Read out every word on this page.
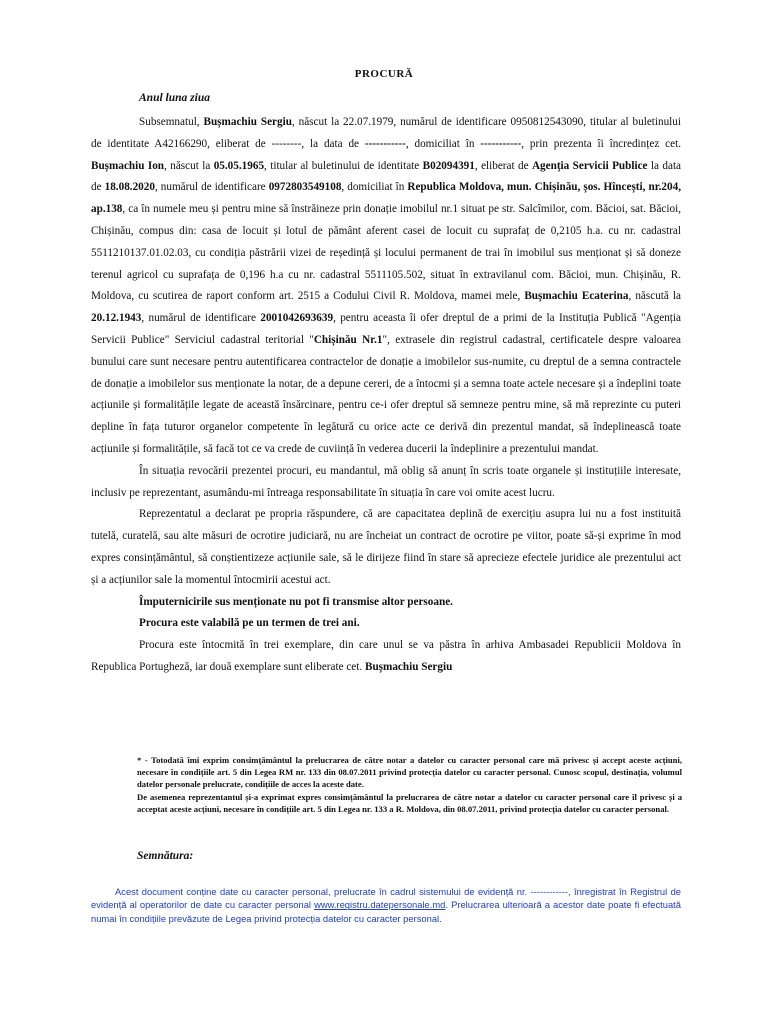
PROCURĂ
Anul luna ziua

Subsemnatul, Bușmachiu Sergiu, născut la 22.07.1979, numărul de identificare 0950812543090, titular al buletinului de identitate A42166290, eliberat de --------, la data de -----------, domiciliat în -----------, prin prezenta îi încredințez cet. Bușmachiu Ion, născut la 05.05.1965, titular al buletinului de identitate B02094391, eliberat de Agenția Servicii Publice la data de 18.08.2020, numărul de identificare 0972803549108, domiciliat în Republica Moldova, mun. Chișinău, șos. Hîncești, nr.204, ap.138, ca în numele meu și pentru mine să înstrăineze prin donație imobilul nr.1 situat pe str. Salcîmilor, com. Băcioi, sat. Băcioi, Chișinău, compus din: casa de locuit și lotul de pământ aferent casei de locuit cu suprafaț de 0,2105 h.a. cu nr. cadastral 5511210137.01.02.03, cu condiția păstrării vizei de reședință și locului permanent de trai în imobilul sus menționat și să doneze terenul agricol cu suprafața de 0,196 h.a cu nr. cadastral 5511105.502, situat în extravilanul com. Băcioi, mun. Chișinău, R. Moldova, cu scutirea de raport conform art. 2515 a Codului Civil R. Moldova, mamei mele, Bușmachiu Ecaterina, născută la 20.12.1943, numărul de identificare 2001042693639, pentru aceasta îi ofer dreptul de a primi de la Instituția Publică "Agenția Servicii Publice" Serviciul cadastral teritorial "Chișinău Nr.1", extrasele din registrul cadastral, certificatele despre valoarea bunului care sunt necesare pentru autentificarea contractelor de donație a imobilelor sus-numite, cu dreptul de a semna contractele de donație a imobilelor sus menționate la notar, de a depune cereri, de a întocmi și a semna toate actele necesare și a îndeplini toate acțiunile și formalitățile legate de această însărcinare, pentru ce-i ofer dreptul să semneze pentru mine, să mă reprezinte cu puteri depline în fața tuturor organelor competente în legătură cu orice acte ce derivă din prezentul mandat, să îndeplinească toate acțiunile și formalitățile, să facă tot ce va crede de cuviință în vederea ducerii la îndeplinire a prezentului mandat.

În situația revocării prezentei procuri, eu mandantul, mă oblig să anunț în scris toate organele și instituțiile interesate, inclusiv pe reprezentant, asumându-mi întreaga responsabilitate în situația în care voi omite acest lucru.

Reprezentatul a declarat pe propria răspundere, că are capacitatea deplină de exercițiu asupra lui nu a fost instituită tutelă, curatelă, sau alte măsuri de ocrotire judiciară, nu are încheiat un contract de ocrotire pe viitor, poate să-și exprime în mod expres consințământul, să conștientizeze acțiunile sale, să le dirijeze fiind în stare să aprecieze efectele juridice ale prezentului act și a acțiunilor sale la momentul întocmirii acestui act.

Împuternicirile sus menționate nu pot fi transmise altor persoane.

Procura este valabilă pe un termen de trei ani.

Procura este întocmită în trei exemplare, din care unul se va păstra în arhiva Ambasadei Republicii Moldova în Republica Portugheză, iar două exemplare sunt eliberate cet. Bușmachiu Sergiu

* - Totodată îmi exprim consimțământul la prelucrarea de către notar a datelor cu caracter personal care mă privesc și accept aceste acțiuni, necesare în condițiile art. 5 din Legea RM nr. 133 din 08.07.2011 privind protecția datelor cu caracter personal. Cunosc scopul, destinația, volumul datelor personale prelucrate, condițiile de acces la aceste date.

De asemenea reprezentantul și-a exprimat expres consimțământul la prelucrarea de către notar a datelor cu caracter personal care îl privesc și a acceptat aceste acțiuni, necesare în condițiile art. 5 din Legea nr. 133 a R. Moldova, din 08.07.2011, privind protecția datelor cu caracter personal.

Semnătura:

Acest document conține date cu caracter personal, prelucrate în cadrul sistemului de evidență nr. ------------, înregistrat în Registrul de evidență al operatorilor de date cu caracter personal www.registru.datepersonale.md. Prelucrarea ulterioară a acestor date poate fi efectuată numai în condițiile prevăzute de Legea privind protecția datelor cu caracter personal.
